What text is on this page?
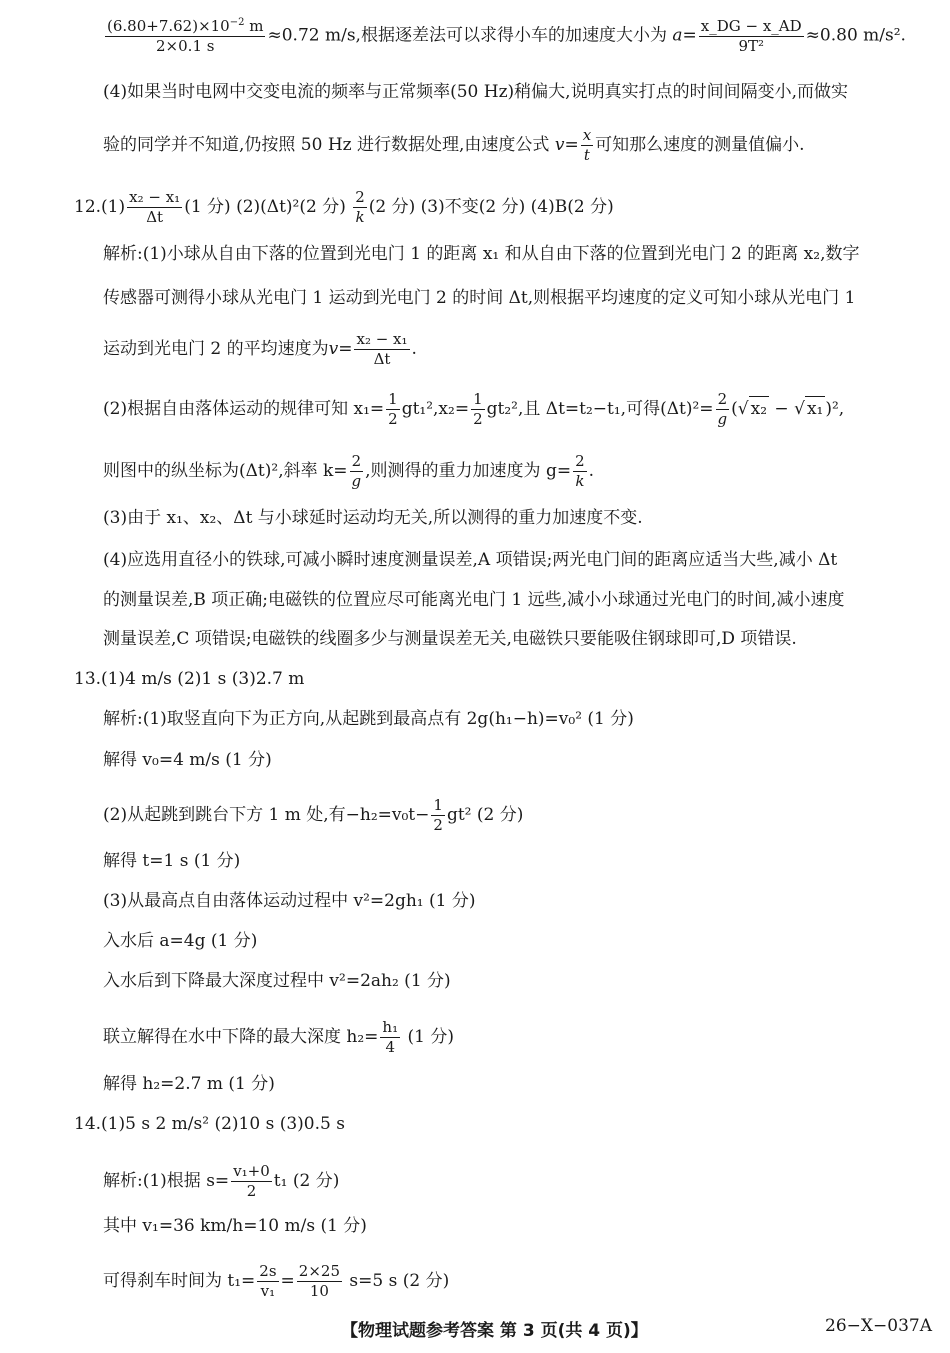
$\frac{(6.80+7.62)\times 10^{-2} m}{2\times 0.1 s} \approx 0.72$ m/s,根据逐差法可以求得小车的加速度大小为 $a= \frac{x\_DG - x\_AD}{\text{9T²}} \approx 0.80$ m/s².
(4)如果当时电网中交变电流的频率与正常频率(50 Hz)稍偏大,说明真实打点的时间间隔变小,而做实
验的同学并不知道,仍按照 50 Hz 进行数据处理,由速度公式 $v= \frac{x}{t}$ 可知那么速度的测量值偏小.
$12.(1) \frac{\text{x₂ − x₁}}{\Delta t} (1$ 分) (2)(Δt)²(2 分) $\frac{2}{k} (2$ 分) (3)不变(2 分) (4)B(2 分)
解析:(1)小球从自由下落的位置到光电门 1 的距离 x₁ 和从自由下落的位置到光电门 2 的距离 x₂,数字
传感器可测得小球从光电门 1 运动到光电门 2 的时间 Δt,则根据平均速度的定义可知小球从光电门 1
运动到光电门 2 的平均速度为$v= \frac{\text{x₂ − x₁}}{\Delta t}$ .
(2)根据自由落体运动的规律可知 $x_1= \frac{1}{2} gt_1^2,x_2= \frac{1}{2} gt_2^2$,且 Δt=t₂−t₁,可得$(\Delta t)^2= \frac{2}{g}$ (√ x₂ − √ x₁ )²,
则图中的纵坐标为(Δt)²,斜率 $k= \frac{2}{g}$ ,则测得的重力加速度为 $g= \frac{2}{k}$ .
(3)由于 x₁、x₂、Δt 与小球延时运动均无关,所以测得的重力加速度不变.
(4)应选用直径小的铁球,可减小瞬时速度测量误差,A 项错误;两光电门间的距离应适当大些,减小 Δt
的测量误差,B 项正确;电磁铁的位置应尽可能离光电门 1 远些,减小小球通过光电门的时间,减小速度
测量误差,C 项错误;电磁铁的线圈多少与测量误差无关,电磁铁只要能吸住钢球即可,D 项错误.
13.(1)4 m/s (2)1 s (3)2.7 m
解析:(1)取竖直向下为正方向,从起跳到最高点有 2g(h₁−h)=v₀² (1 分)
解得 v₀=4 m/s (1 分)
(2)从起跳到跳台下方 1 m 处,有$-h_2=v_0t- \frac{1}{2} gt^2$ (2 分)
解得 t=1 s (1 分)
(3)从最高点自由落体运动过程中 v²=2gh₁ (1 分)
入水后 a=4g (1 分)
入水后到下降最大深度过程中 v²=2ah₂ (1 分)
联立解得在水中下降的最大深度 $h_2= \frac{\text{h₁}}{4} (1$ 分)
解得 h₂=2.7 m (1 分)
14.(1)5 s 2 m/s² (2)10 s (3)0.5 s
解析:(1)根据 $s= \frac{\text{v₁+0}}{2} t_1$ (2 分)
其中 v₁=36 km/h=10 m/s (1 分)
可得刹车时间为 $t_1= \frac{2s}{\text{v₁}} = \frac{2\times 25}{10} s=5$ s (2 分)
【物理试题参考答案 第 3 页(共 4 页)】	26−X−037A
